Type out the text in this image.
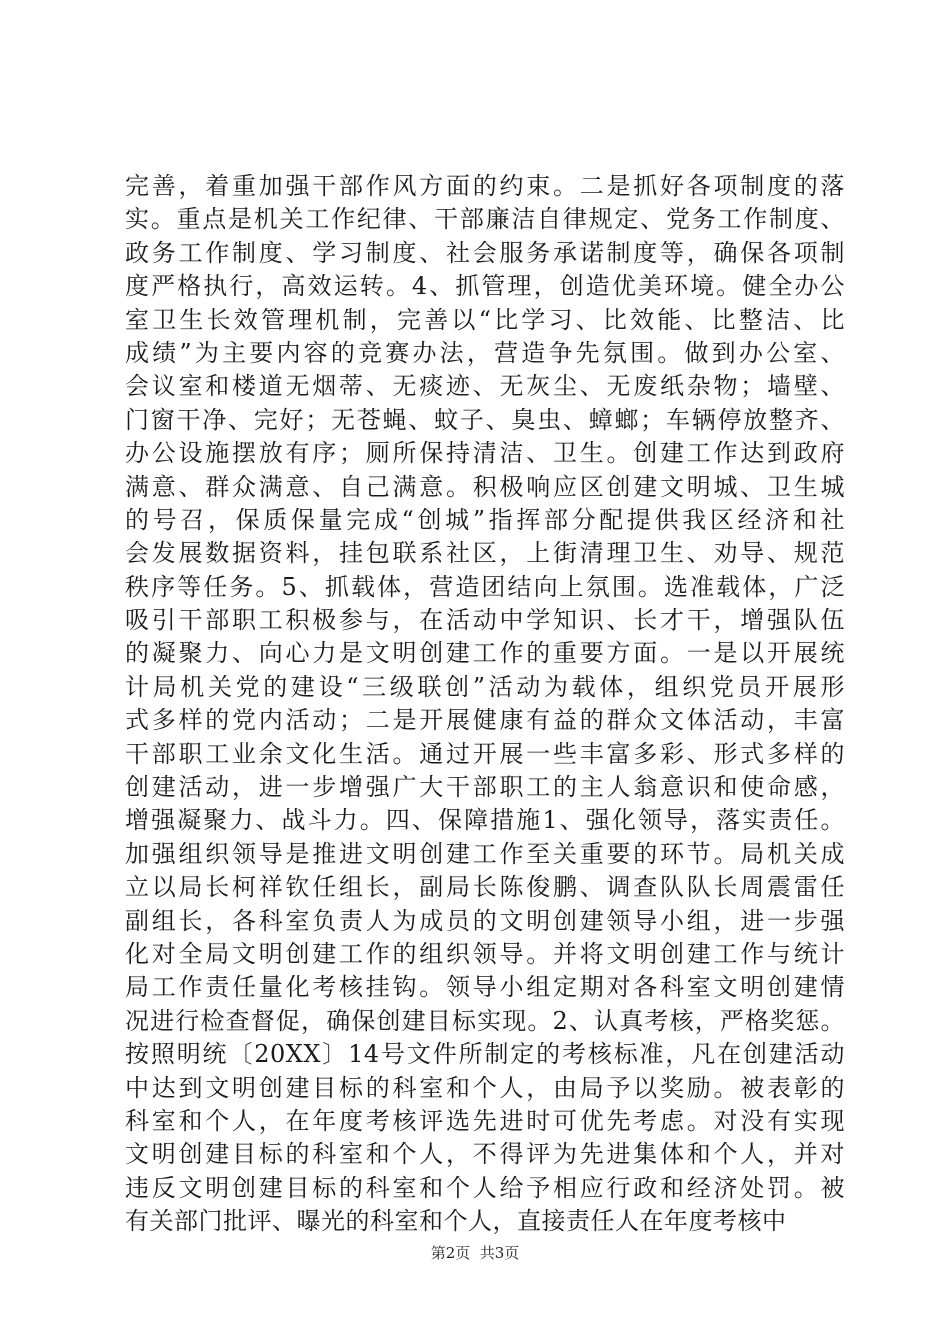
完善，着重加强干部作风方面的约束。二是抓好各项制度的落
实。重点是机关工作纪律、干部廉洁自律规定、党务工作制度、
政务工作制度、学习制度、社会服务承诺制度等，确保各项制
度严格执行，高效运转。4、抓管理，创造优美环境。健全办公
室卫生长效管理机制，完善以“比学习、比效能、比整洁、比
成绩”为主要内容的竞赛办法，营造争先氛围。做到办公室、
会议室和楼道无烟蒂、无痰迹、无灰尘、无废纸杂物；墙壁、
门窗干净、完好；无苍蝇、蚊子、臭虫、蟑螂；车辆停放整齐、
办公设施摆放有序；厕所保持清洁、卫生。创建工作达到政府
满意、群众满意、自己满意。积极响应区创建文明城、卫生城
的号召，保质保量完成“创城”指挥部分配提供我区经济和社
会发展数据资料，挂包联系社区，上街清理卫生、劝导、规范
秩序等任务。5、抓载体，营造团结向上氛围。选准载体，广泛
吸引干部职工积极参与，在活动中学知识、长才干，增强队伍
的凝聚力、向心力是文明创建工作的重要方面。一是以开展统
计局机关党的建设“三级联创”活动为载体，组织党员开展形
式多样的党内活动；二是开展健康有益的群众文体活动，丰富
干部职工业余文化生活。通过开展一些丰富多彩、形式多样的
创建活动，进一步增强广大干部职工的主人翁意识和使命感，
增强凝聚力、战斗力。四、保障措施1、强化领导，落实责任。
加强组织领导是推进文明创建工作至关重要的环节。局机关成
立以局长柯祥钦任组长，副局长陈俊鹏、调查队队长周震雷任
副组长，各科室负责人为成员的文明创建领导小组，进一步强
化对全局文明创建工作的组织领导。并将文明创建工作与统计
局工作责任量化考核挂钩。领导小组定期对各科室文明创建情
况进行检查督促，确保创建目标实现。2、认真考核，严格奖惩。
按照明统〔20XX〕14号文件所制定的考核标准，凡在创建活动
中达到文明创建目标的科室和个人，由局予以奖励。被表彰的
科室和个人，在年度考核评选先进时可优先考虑。对没有实现
文明创建目标的科室和个人，不得评为先进集体和个人，并对
违反文明创建目标的科室和个人给予相应行政和经济处罚。被
有关部门批评、曝光的科室和个人，直接责任人在年度考核中
第2页  共3页
